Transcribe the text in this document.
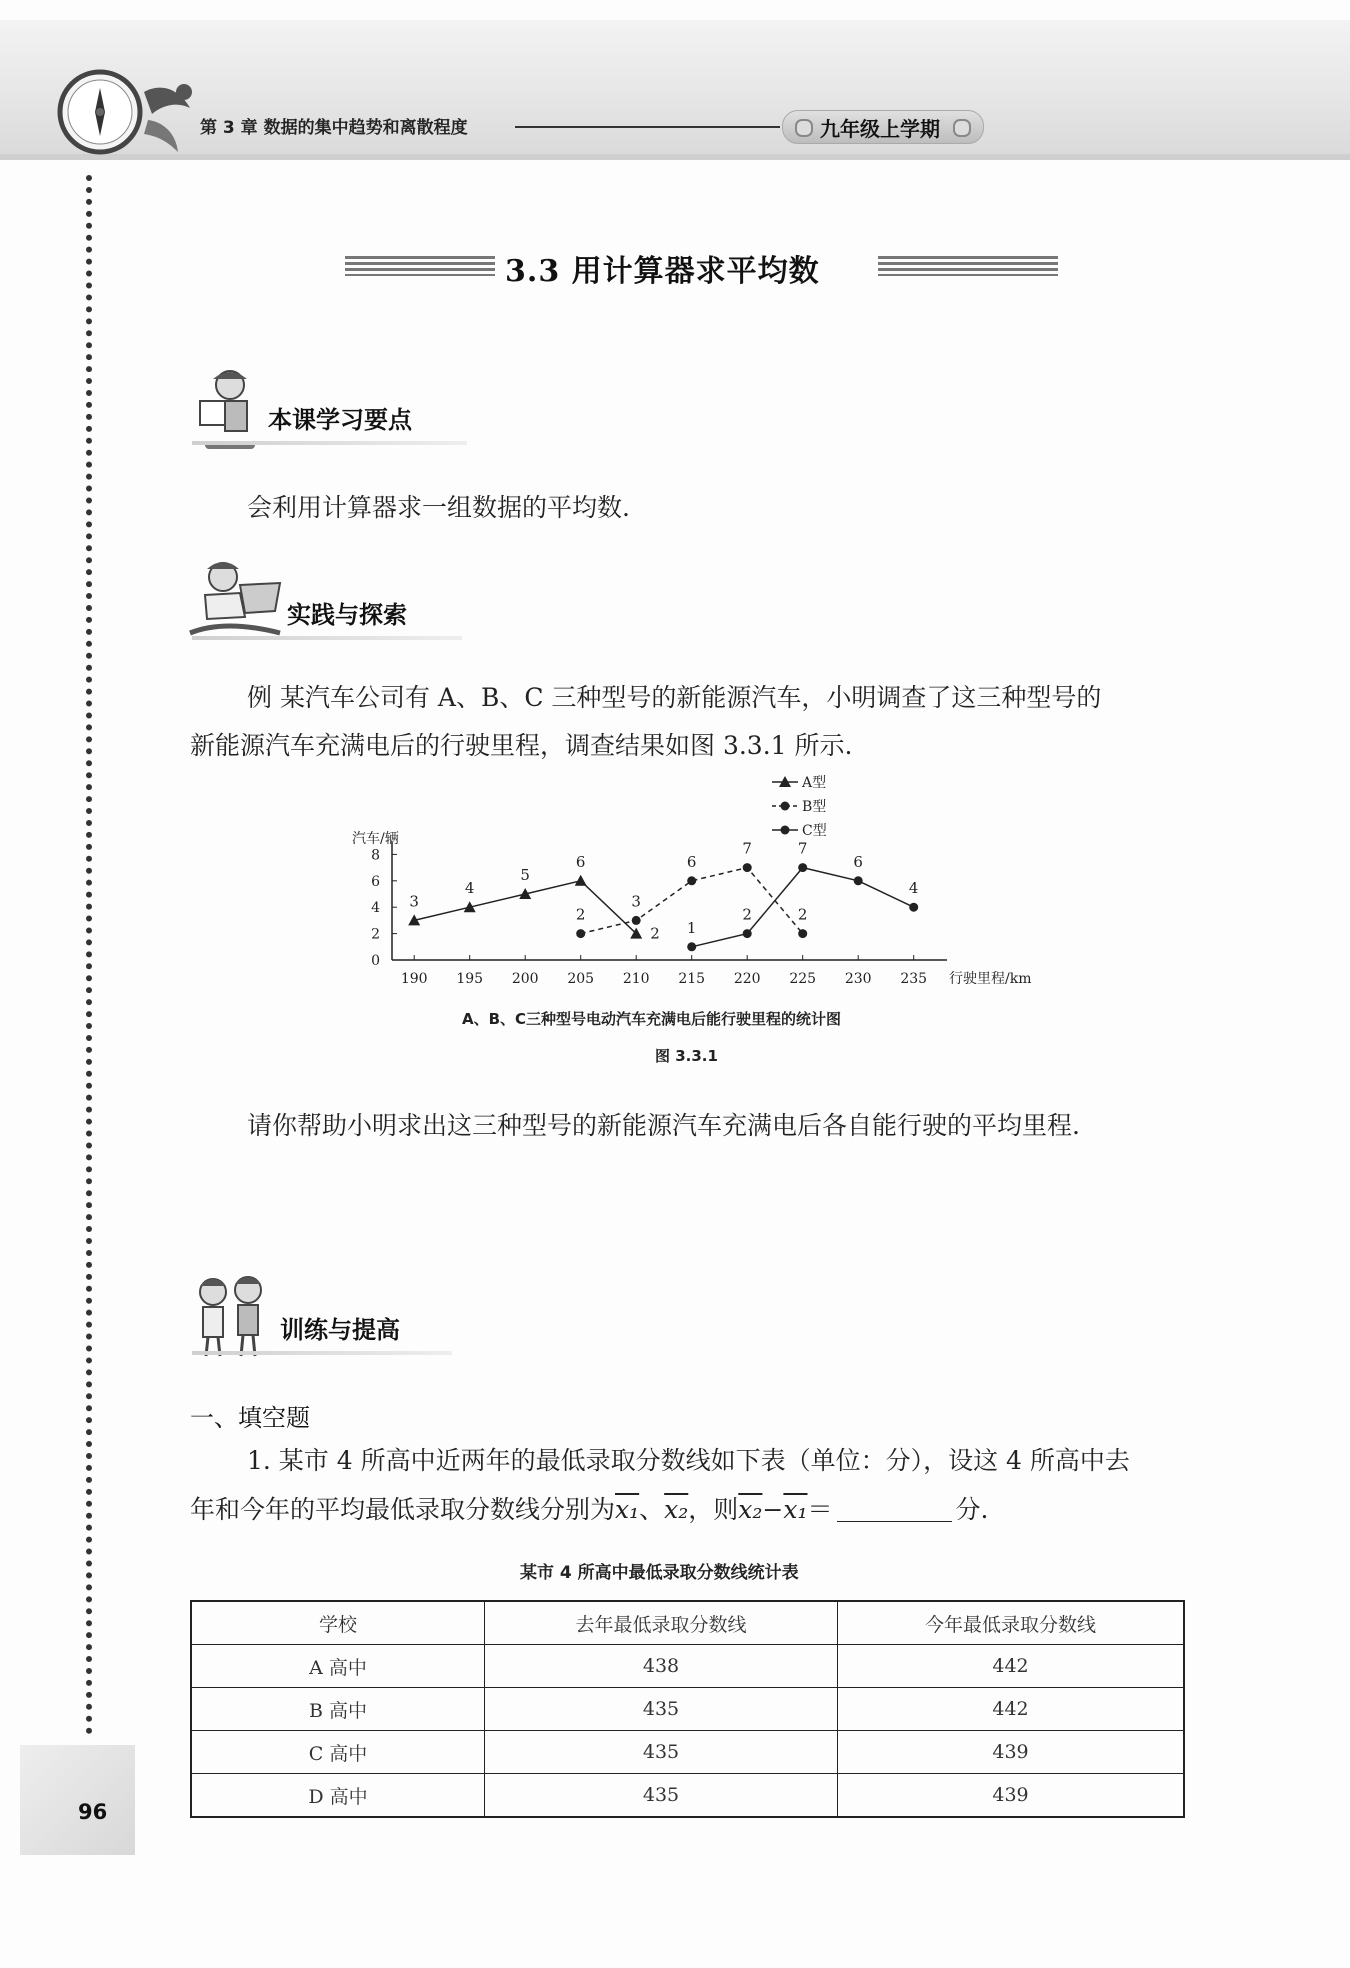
第 3 章 数据的集中趋势和离散程度	九年级上学期
3.3 用计算器求平均数
本课学习要点
会利用计算器求一组数据的平均数.
实践与探索
例 某汽车公司有 A、B、C 三种型号的新能源汽车，小明调查了这三种型号的
新能源汽车充满电后的行驶里程，调查结果如图 3.3.1 所示.
190 195 200 205 210 215 220 225 230 235
0
2
4
6
8
汽车/辆
行驶里程/km
3
4
5
6
2
2
3
6
7
2
1
2
7
6
4
A型
B型
C型
A、B、C三种型号电动汽车充满电后能行驶里程的统计图
图 3.3.1
请你帮助小明求出这三种型号的新能源汽车充满电后各自能行驶的平均里程.
训练与提高
一、填空题
1. 某市 4 所高中近两年的最低录取分数线如下表（单位：分），设这 4 所高中去
年和今年的平均最低录取分数线分别为x₁、x₂，则x₂−x₁＝	分.
某市 4 所高中最低录取分数线统计表
学校	去年最低录取分数线	今年最低录取分数线
A 高中	438	442
B 高中	435	442
C 高中	435	439
D 高中	435	439
96
